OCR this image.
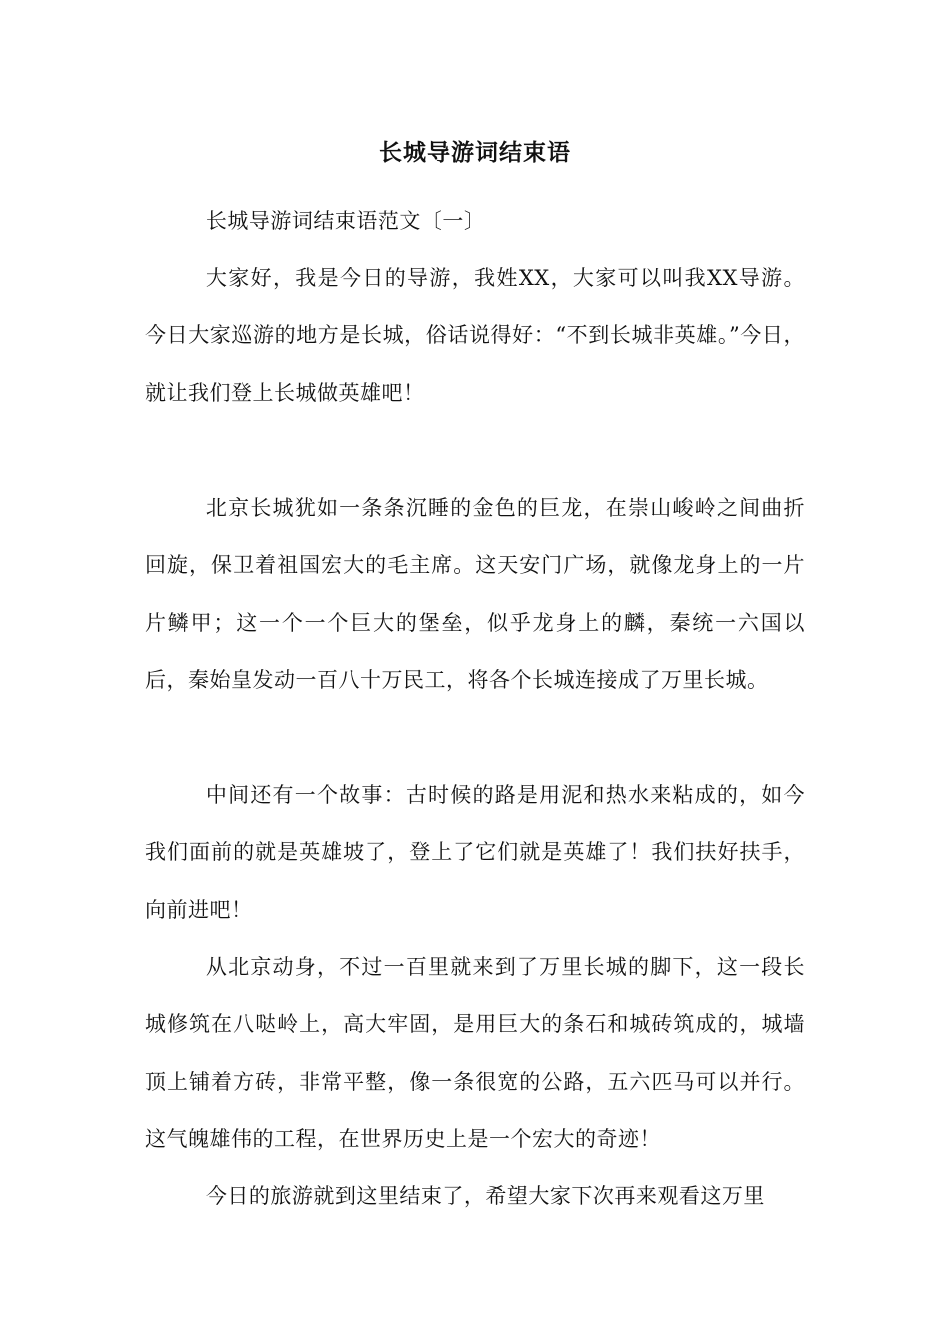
长城导游词结束语

长城导游词结束语范文〔一〕

大家好，我是今日的导游，我姓XX，大家可以叫我XX导游。今日大家巡游的地方是长城，俗话说得好：“不到长城非英雄。”今日，就让我们登上长城做英雄吧！

北京长城犹如一条条沉睡的金色的巨龙，在崇山峻岭之间曲折回旋，保卫着祖国宏大的毛主席。这天安门广场，就像龙身上的一片片鳞甲；这一个一个巨大的堡垒，似乎龙身上的麟，秦统一六国以后，秦始皇发动一百八十万民工，将各个长城连接成了万里长城。

中间还有一个故事：古时候的路是用泥和热水来粘成的，如今我们面前的就是英雄坡了，登上了它们就是英雄了！我们扶好扶手，向前进吧！

从北京动身，不过一百里就来到了万里长城的脚下，这一段长城修筑在八哒岭上，高大牢固，是用巨大的条石和城砖筑成的，城墙顶上铺着方砖，非常平整，像一条很宽的公路，五六匹马可以并行。这气魄雄伟的工程，在世界历史上是一个宏大的奇迹！

今日的旅游就到这里结束了，希望大家下次再来观看这万里
